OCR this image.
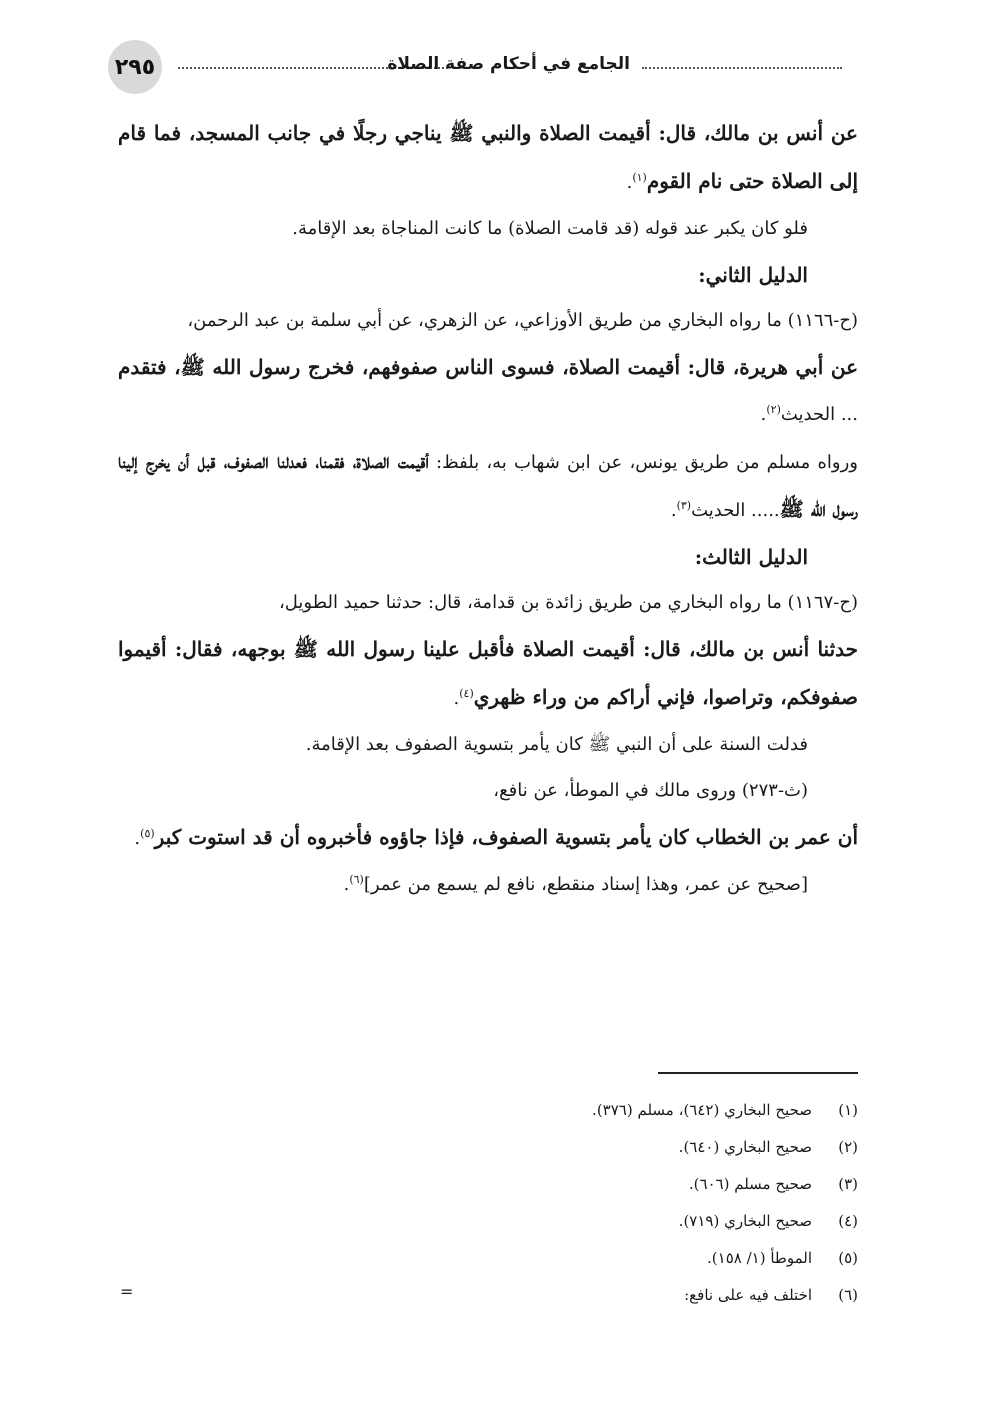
٢٩٥	الجامع في أحكام صفة الصلاة

عن أنس بن مالك، قال: أقيمت الصلاة والنبي ﷺ يناجي رجلًا في جانب المسجد، فما قام إلى الصلاة حتى نام القوم$^{(١)}$.

فلو كان يكبر عند قوله (قد قامت الصلاة) ما كانت المناجاة بعد الإقامة.

الدليل الثاني:

(ح-١١٦٦) ما رواه البخاري من طريق الأوزاعي، عن الزهري، عن أبي سلمة بن عبد الرحمن،

عن أبي هريرة، قال: أقيمت الصلاة، فسوى الناس صفوفهم، فخرج رسول الله ﷺ، فتقدم ... الحديث$^{(٢)}$.

ورواه مسلم من طريق يونس، عن ابن شهاب به، بلفظ: أقيمت الصلاة، فقمنا، فعدلنا الصفوف، قبل أن يخرج إلينا رسول الله ﷺ..... الحديث$^{(٣)}$.

الدليل الثالث:

(ح-١١٦٧) ما رواه البخاري من طريق زائدة بن قدامة، قال: حدثنا حميد الطويل،

حدثنا أنس بن مالك، قال: أقيمت الصلاة فأقبل علينا رسول الله ﷺ بوجهه، فقال: أقيموا صفوفكم، وتراصوا، فإني أراكم من وراء ظهري$^{(٤)}$.

فدلت السنة على أن النبي ﷺ كان يأمر بتسوية الصفوف بعد الإقامة.

(ث-٢٧٣) وروى مالك في الموطأ، عن نافع،

أن عمر بن الخطاب كان يأمر بتسوية الصفوف، فإذا جاؤوه فأخبروه أن قد استوت كبر$^{(٥)}$.

[صحيح عن عمر، وهذا إسناد منقطع، نافع لم يسمع من عمر]$^{(٦)}$.

(١)صحيح البخاري (٦٤٢)، مسلم (٣٧٦).
(٢)صحيح البخاري (٦٤٠).
(٣)صحيح مسلم (٦٠٦).
(٤)صحيح البخاري (٧١٩).
(٥)الموطأ (١/ ١٥٨).
(٦)اختلف فيه على نافع:
=
